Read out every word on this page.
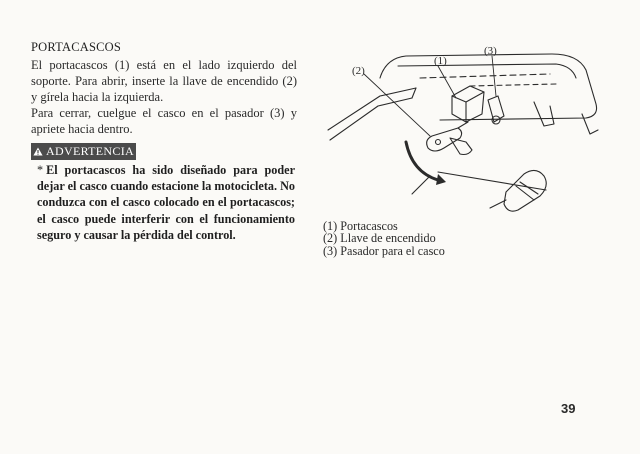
PORTACASCOS

El portacascos (1) está en el lado izquierdo del soporte. Para abrir, inserte la llave de encendido (2) y gírela hacia la izquierda.

Para cerrar, cuelgue el casco en el pasador (3) y apriete hacia dentro.

ADVERTENCIA
* El portacascos ha sido diseñado para poder dejar el casco cuando estacione la motocicleta. No conduzca con el casco colocado en el portacascos; el casco puede interferir con el funcionamiento seguro y causar la pérdida del control.
(2)
(1)
(3)
(1) Portacascos
(2) Llave de encendido
(3) Pasador para el casco
39
